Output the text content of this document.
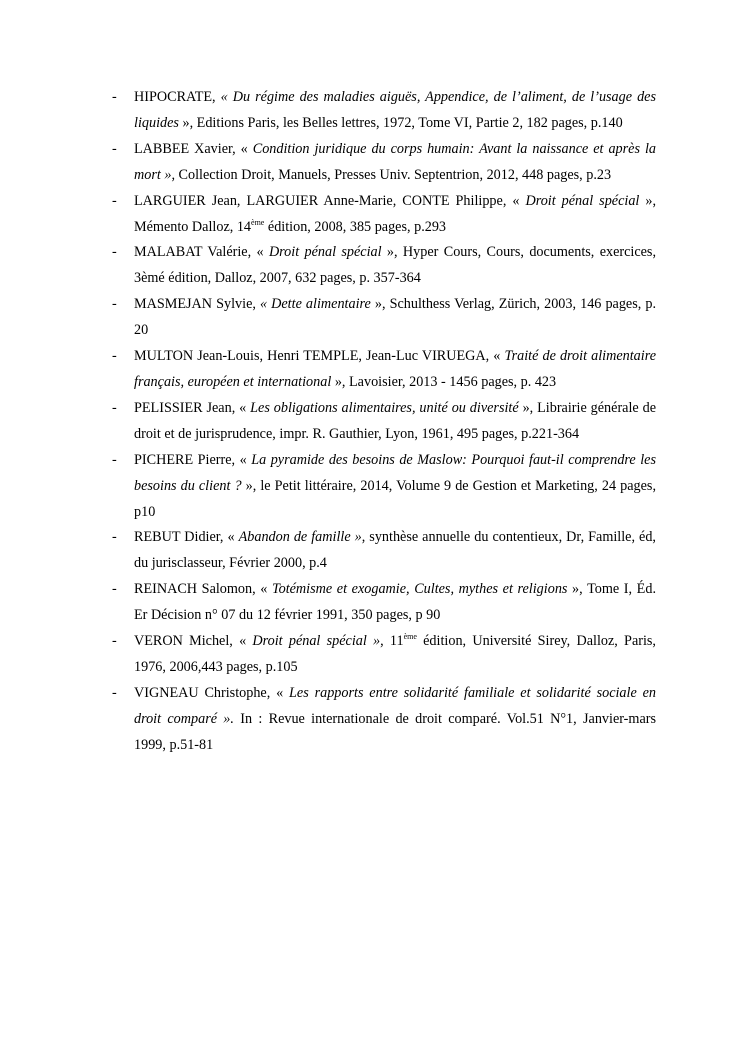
- HIPOCRATE, « Du régime des maladies aiguës, Appendice, de l’aliment, de l’usage des liquides », Editions Paris, les Belles lettres, 1972, Tome VI, Partie 2, 182 pages, p.140
- LABBEE Xavier, « Condition juridique du corps humain: Avant la naissance et après la mort », Collection Droit, Manuels, Presses Univ. Septentrion, 2012, 448 pages, p.23
- LARGUIER Jean, LARGUIER Anne-Marie, CONTE Philippe, « Droit pénal spécial », Mémento Dalloz, 14ème édition, 2008, 385 pages, p.293
- MALABAT Valérie, « Droit pénal spécial », Hyper Cours, Cours, documents, exercices, 3èmé édition, Dalloz, 2007, 632 pages, p. 357-364
- MASMEJAN Sylvie, « Dette alimentaire », Schulthess Verlag, Zürich, 2003, 146 pages, p. 20
- MULTON Jean-Louis, Henri TEMPLE, Jean-Luc VIRUEGA, « Traité de droit alimentaire français, européen et international », Lavoisier, 2013 - 1456 pages, p. 423
- PELISSIER Jean, « Les obligations alimentaires, unité ou diversité », Librairie générale de droit et de jurisprudence, impr. R. Gauthier, Lyon, 1961, 495 pages, p.221-364
- PICHERE Pierre, « La pyramide des besoins de Maslow: Pourquoi faut-il comprendre les besoins du client ? », le Petit littéraire, 2014, Volume 9 de Gestion et Marketing, 24 pages, p10
- REBUT Didier, « Abandon de famille », synthèse annuelle du contentieux, Dr, Famille, éd, du jurisclasseur, Février 2000, p.4
- REINACH Salomon, « Totémisme et exogamie, Cultes, mythes et religions », Tome I, Éd. Er Décision n° 07 du 12 février 1991, 350 pages, p 90
- VERON Michel, « Droit pénal spécial », 11ème édition, Université Sirey, Dalloz, Paris, 1976, 2006,443 pages, p.105
- VIGNEAU Christophe, « Les rapports entre solidarité familiale et solidarité sociale en droit comparé ». In : Revue internationale de droit comparé. Vol.51 N°1, Janvier-mars 1999, p.51-81
